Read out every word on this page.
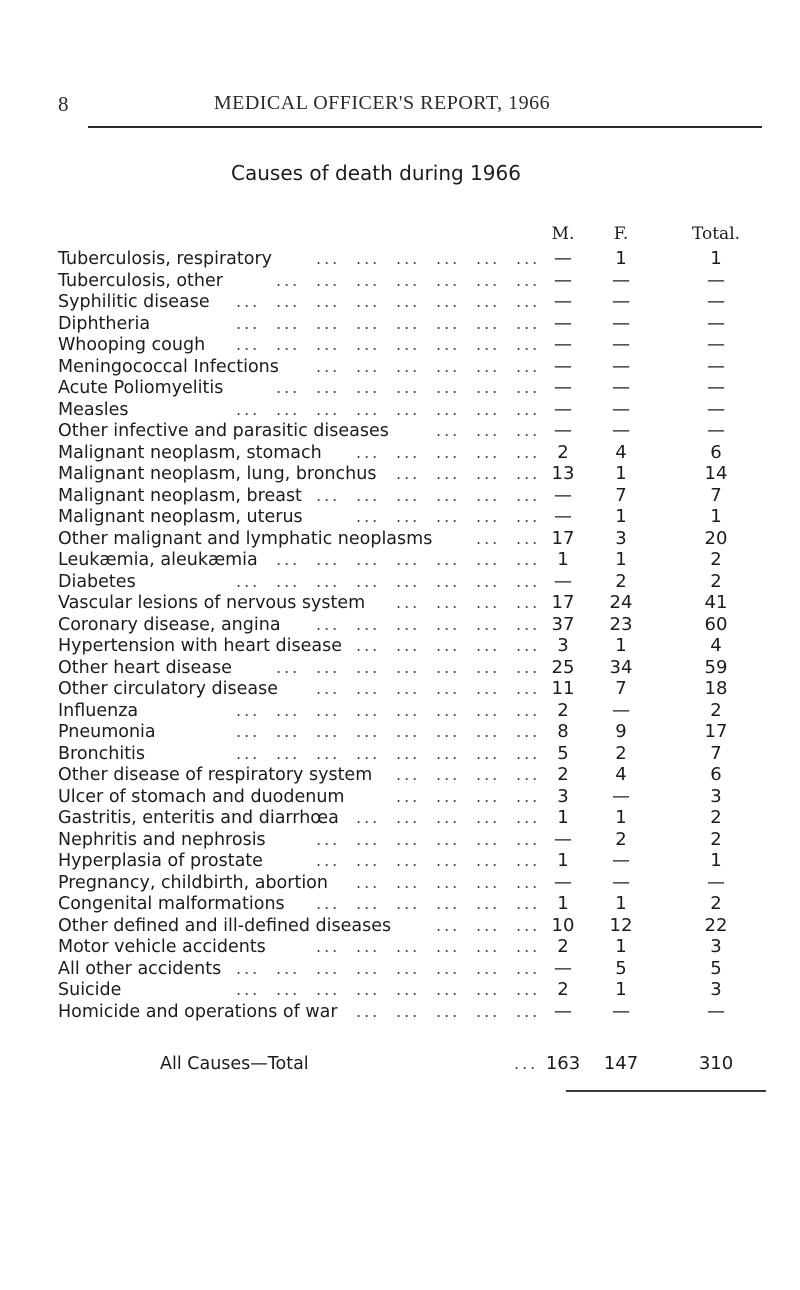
8	MEDICAL OFFICER'S REPORT, 1966
Causes of death during 1966
M.	F.	Total.
Tuberculosis, respiratory	... ... ... ... ... ... —	1	1
Tuberculosis, other	... ... ... ... ... ... ... —	—	—
Syphilitic disease ... ... ... ... ... ... ... ... —	—	—
Diphtheria	... ... ... ... ... ... ... ... —	—	—
Whooping cough ... ... ... ... ... ... ... ... —	—	—
Meningococcal Infections ... ... ... ... ... ... —	—	—
Acute Poliomyelitis	... ... ... ... ... ... ... —	—	—
Measles	... ... ... ... ... ... ... ... —	—	—
Other infective and parasitic diseases	... ... ... —	—	—
Malignant neoplasm, stomach ... ... ... ... ... 2	4	6
Malignant neoplasm, lung, bronchus ... ... ... ... 13	1	14
Malignant neoplasm, breast ... ... ... ... ... ... —	7	7
Malignant neoplasm, uterus	... ... ... ... ... —	1	1
Other malignant and lymphatic neoplasms	... ... 17	3	20
Leukæmia, aleukæmia ... ... ... ... ... ... ... 1	1	2
Diabetes	... ... ... ... ... ... ... ... —	2	2
Vascular lesions of nervous system ... ... ... ... 17	24	41
Coronary disease, angina ... ... ... ... ... ... 37	23	60
Hypertension with heart disease ... ... ... ... ... 3	1	4
Other heart disease	... ... ... ... ... ... ... 25	34	59
Other circulatory disease ... ... ... ... ... ... 11	7	18
Influenza	... ... ... ... ... ... ... ... 2	—	2
Pneumonia	... ... ... ... ... ... ... ... 8	9	17
Bronchitis	... ... ... ... ... ... ... ... 5	2	7
Other disease of respiratory system ... ... ... ... 2	4	6
Ulcer of stomach and duodenum	... ... ... ... 3	—	3
Gastritis, enteritis and diarrhœa ... ... ... ... ... 1	1	2
Nephritis and nephrosis	... ... ... ... ... ... —	2	2
Hyperplasia of prostate	... ... ... ... ... ... 1	—	1
Pregnancy, childbirth, abortion ... ... ... ... ... —	—	—
Congenital malformations ... ... ... ... ... ... 1	1	2
Other defined and ill-defined diseases	... ... ... 10	12	22
Motor vehicle accidents	... ... ... ... ... ... 2	1	3
All other accidents ... ... ... ... ... ... ... ... —	5	5
Suicide	... ... ... ... ... ... ... ... 2	1	3
Homicide and operations of war ... ... ... ... ... —	—	—
All Causes—Total	... 163 147	310
